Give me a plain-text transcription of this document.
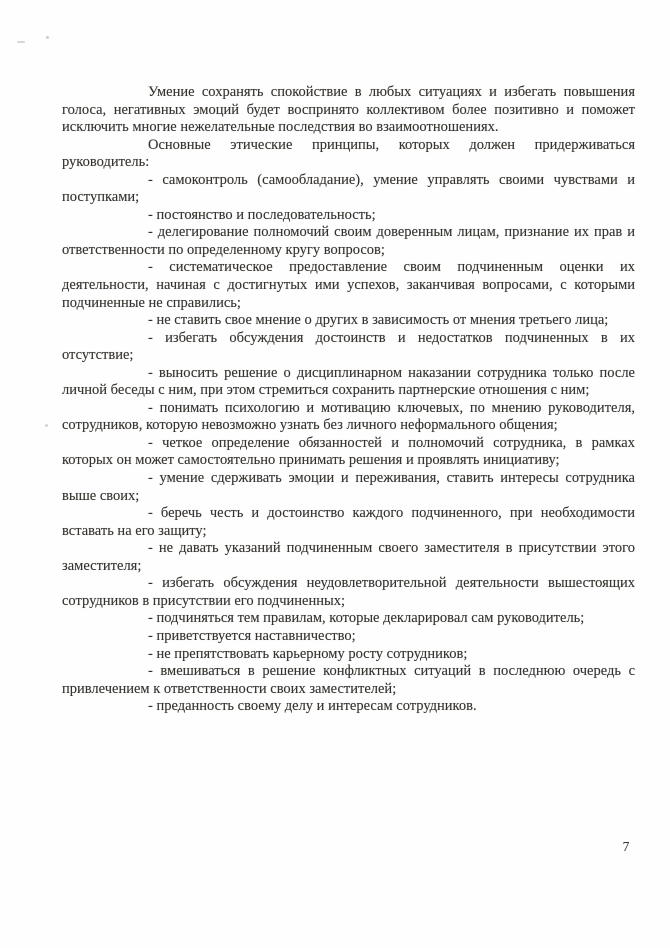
Умение сохранять спокойствие в любых ситуациях и избегать повышения голоса, негативных эмоций будет воспринято коллективом более позитивно и поможет исключить многие нежелательные последствия во взаимоотношениях.

Основные этические принципы, которых должен придерживаться руководитель:

- самоконтроль (самообладание), умение управлять своими чувствами и поступками;

- постоянство и последовательность;

- делегирование полномочий своим доверенным лицам, признание их прав и ответственности по определенному кругу вопросов;

- систематическое предоставление своим подчиненным оценки их деятельности, начиная с достигнутых ими успехов, заканчивая вопросами, с которыми подчиненные не справились;

- не ставить свое мнение о других в зависимость от мнения третьего лица;

- избегать обсуждения достоинств и недостатков подчиненных в их отсутствие;

- выносить решение о дисциплинарном наказании сотрудника только после личной беседы с ним, при этом стремиться сохранить партнерские отношения с ним;

- понимать психологию и мотивацию ключевых, по мнению руководителя, сотрудников, которую невозможно узнать без личного неформального общения;

- четкое определение обязанностей и полномочий сотрудника, в рамках которых он может самостоятельно принимать решения и проявлять инициативу;

- умение сдерживать эмоции и переживания, ставить интересы сотрудника выше своих;

- беречь честь и достоинство каждого подчиненного, при необходимости вставать на его защиту;

- не давать указаний подчиненным своего заместителя в присутствии этого заместителя;

- избегать обсуждения неудовлетворительной деятельности вышестоящих сотрудников в присутствии его подчиненных;

- подчиняться тем правилам, которые декларировал сам руководитель;

- приветствуется наставничество;

- не препятствовать карьерному росту сотрудников;

- вмешиваться в решение конфликтных ситуаций в последнюю очередь с привлечением к ответственности своих заместителей;

- преданность своему делу и интересам сотрудников.

7
